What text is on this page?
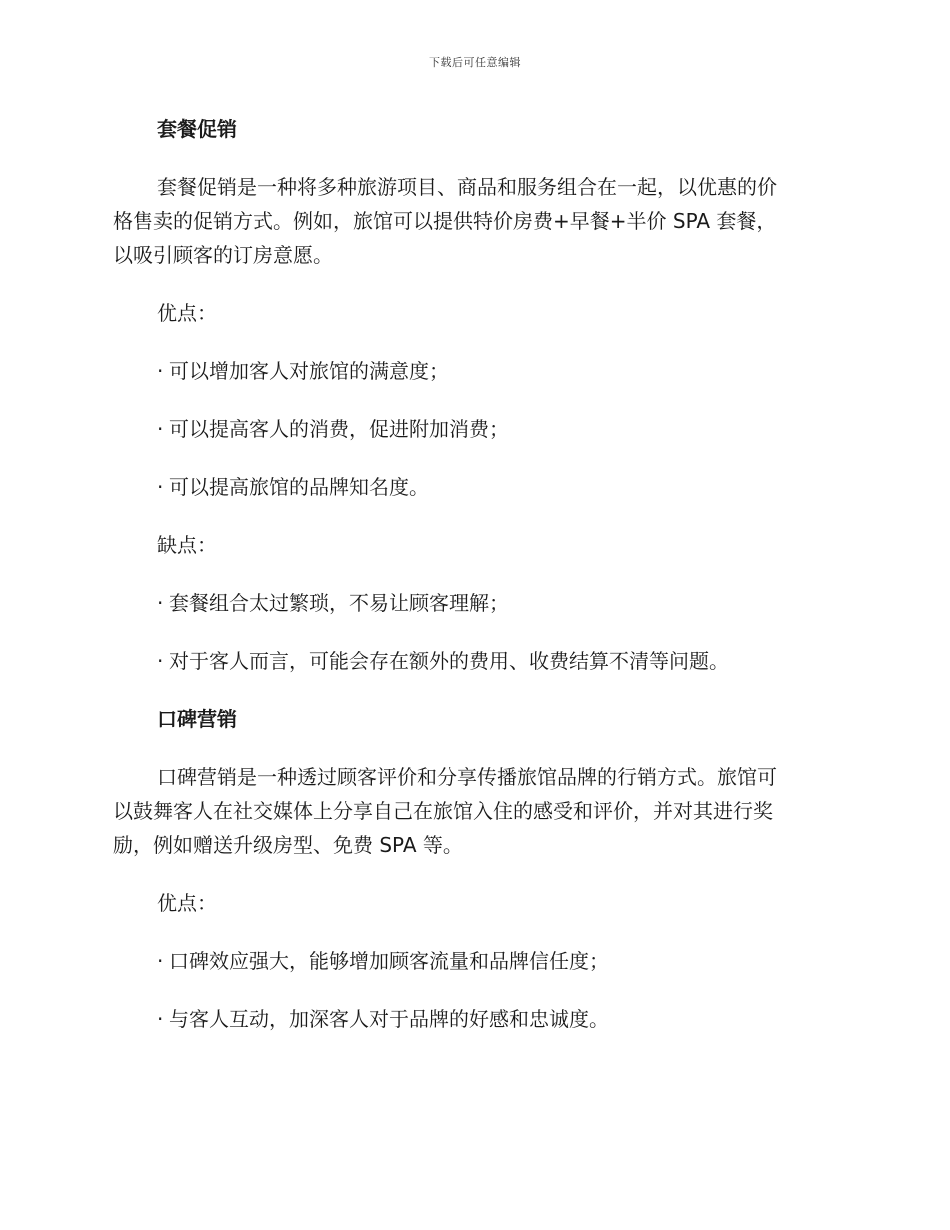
下载后可任意编辑
套餐促销
套餐促销是一种将多种旅游项目、商品和服务组合在一起，以优惠的价
格售卖的促销方式。例如，旅馆可以提供特价房费+早餐+半价 SPA 套餐，
以吸引顾客的订房意愿。
优点：
· 可以增加客人对旅馆的满意度；
· 可以提高客人的消费，促进附加消费；
· 可以提高旅馆的品牌知名度。
缺点：
· 套餐组合太过繁琐，不易让顾客理解；
· 对于客人而言，可能会存在额外的费用、收费结算不清等问题。
口碑营销
口碑营销是一种透过顾客评价和分享传播旅馆品牌的行销方式。旅馆可
以鼓舞客人在社交媒体上分享自己在旅馆入住的感受和评价，并对其进行奖
励，例如赠送升级房型、免费 SPA 等。
优点：
· 口碑效应强大，能够增加顾客流量和品牌信任度；
· 与客人互动，加深客人对于品牌的好感和忠诚度。
